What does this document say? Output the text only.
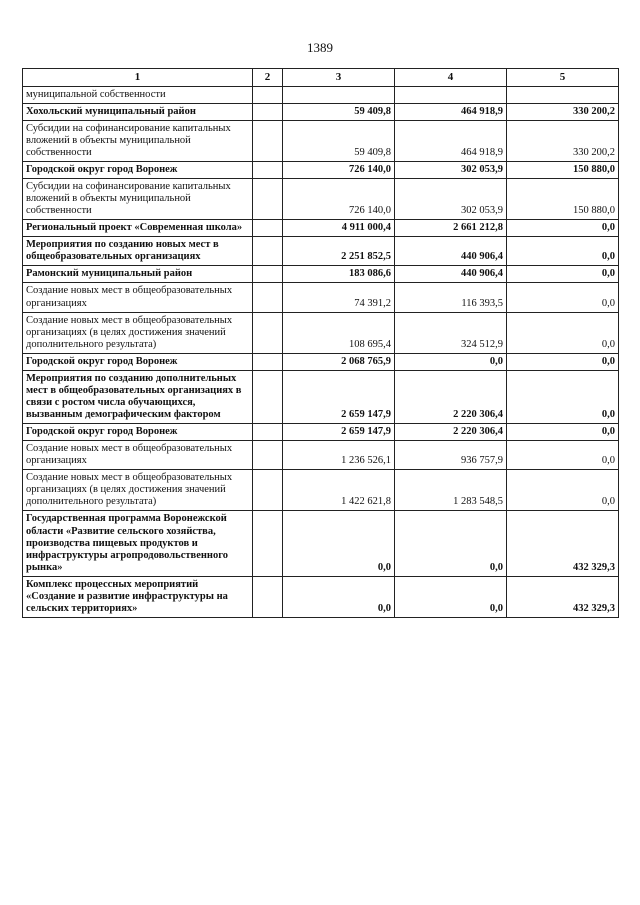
1389
1	2	3	4	5
муниципальной собственности				
Хохольский муниципальный район		59 409,8	464 918,9	330 200,2
Субсидии на софинансирование капитальных вложений в объекты муниципальной собственности		59 409,8	464 918,9	330 200,2
Городской округ город Воронеж		726 140,0	302 053,9	150 880,0
Субсидии на софинансирование капитальных вложений в объекты муниципальной собственности		726 140,0	302 053,9	150 880,0
Региональный проект «Современная школа»		4 911 000,4	2 661 212,8	0,0
Мероприятия по созданию новых мест в общеобразовательных организациях		2 251 852,5	440 906,4	0,0
Рамонский муниципальный район		183 086,6	440 906,4	0,0
Создание новых мест в общеобразовательных организациях		74 391,2	116 393,5	0,0
Создание новых мест в общеобразовательных организациях (в целях достижения значений дополнительного результата)		108 695,4	324 512,9	0,0
Городской округ город Воронеж		2 068 765,9	0,0	0,0
Мероприятия по созданию дополнительных мест в общеобразовательных организациях в связи с ростом числа обучающихся, вызванным демографическим фактором		2 659 147,9	2 220 306,4	0,0
Городской округ город Воронеж		2 659 147,9	2 220 306,4	0,0
Создание новых мест в общеобразовательных организациях		1 236 526,1	936 757,9	0,0
Создание новых мест в общеобразовательных организациях (в целях достижения значений дополнительного результата)		1 422 621,8	1 283 548,5	0,0
Государственная программа Воронежской области «Развитие сельского хозяйства, производства пищевых продуктов и инфраструктуры агропродовольственного рынка»		0,0	0,0	432 329,3
Комплекс процессных мероприятий «Создание и развитие инфраструктуры на сельских территориях»		0,0	0,0	432 329,3
